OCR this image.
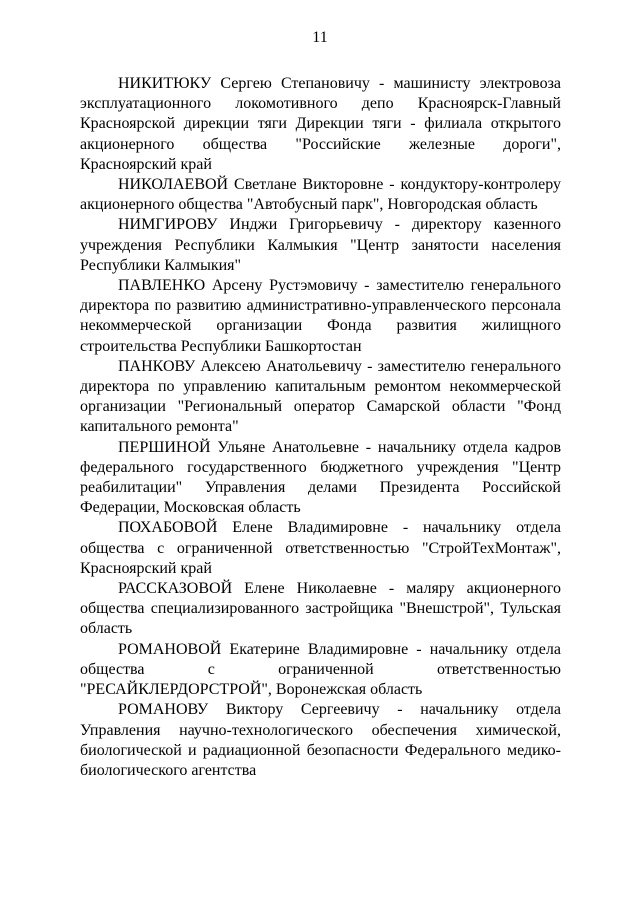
11

НИКИТЮКУ Сергею Степановичу - машинисту электровоза эксплуатационного локомотивного депо Красноярск-Главный Красноярской дирекции тяги Дирекции тяги - филиала открытого акционерного общества "Российские железные дороги", Красноярский край

НИКОЛАЕВОЙ Светлане Викторовне - кондуктору-контролеру акционерного общества "Автобусный парк", Новгородская область

НИМГИРОВУ Инджи Григорьевичу - директору казенного учреждения Республики Калмыкия "Центр занятости населения Республики Калмыкия"

ПАВЛЕНКО Арсену Рустэмовичу - заместителю генерального директора по развитию административно-управленческого персонала некоммерческой организации Фонда развития жилищного строительства Республики Башкортостан

ПАНКОВУ Алексею Анатольевичу - заместителю генерального директора по управлению капитальным ремонтом некоммерческой организации "Региональный оператор Самарской области "Фонд капитального ремонта"

ПЕРШИНОЙ Ульяне Анатольевне - начальнику отдела кадров федерального государственного бюджетного учреждения "Центр реабилитации" Управления делами Президента Российской Федерации, Московская область

ПОХАБОВОЙ Елене Владимировне - начальнику отдела общества с ограниченной ответственностью "СтройТехМонтаж", Красноярский край

РАССКАЗОВОЙ Елене Николаевне - маляру акционерного общества специализированного застройщика "Внешстрой", Тульская область

РОМАНОВОЙ Екатерине Владимировне - начальнику отдела общества с ограниченной ответственностью "РЕСАЙКЛЕРДОРСТРОЙ", Воронежская область

РОМАНОВУ Виктору Сергеевичу - начальнику отдела Управления научно-технологического обеспечения химической, биологической и радиационной безопасности Федерального медико-биологического агентства
